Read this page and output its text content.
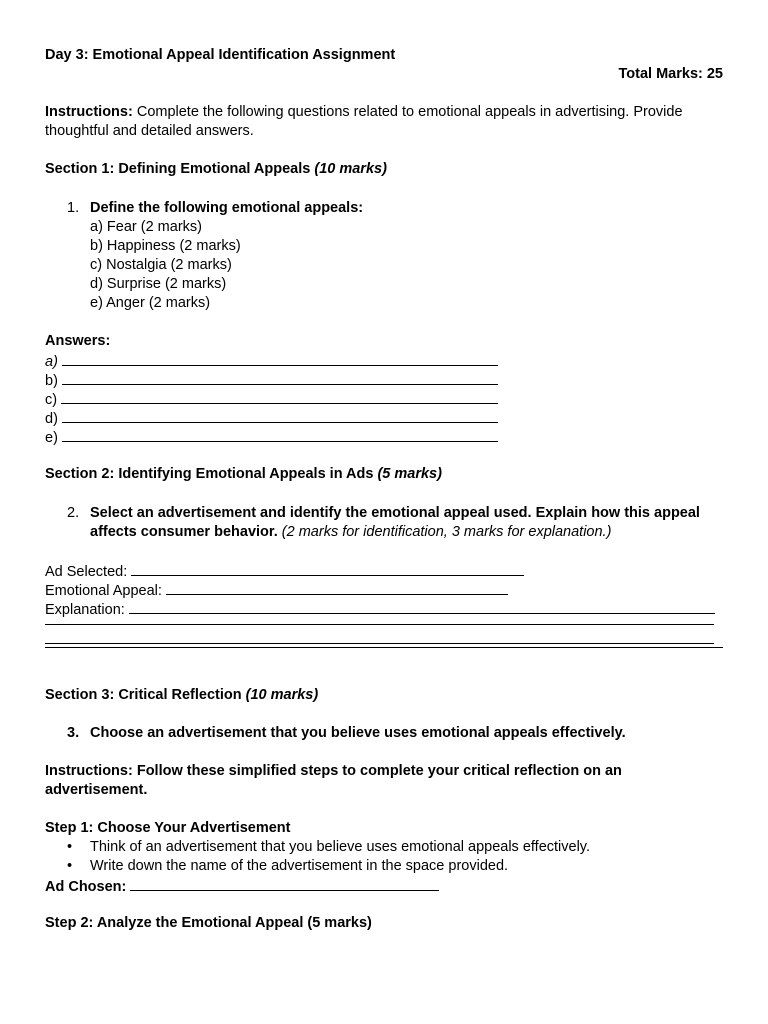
Day 3: Emotional Appeal Identification Assignment
Total Marks: 25

Instructions: Complete the following questions related to emotional appeals in advertising. Provide thoughtful and detailed answers.

Section 1: Defining Emotional Appeals (10 marks)

1. Define the following emotional appeals:
a) Fear (2 marks)
b) Happiness (2 marks)
c) Nostalgia (2 marks)
d) Surprise (2 marks)
e) Anger (2 marks)

Answers:

a)
b)
c)
d)
e)

Section 2: Identifying Emotional Appeals in Ads (5 marks)

2. Select an advertisement and identify the emotional appeal used. Explain how this appeal affects consumer behavior. (2 marks for identification, 3 marks for explanation.)
Ad Selected:
Emotional Appeal:
Explanation:

Section 3: Critical Reflection (10 marks)

3. Choose an advertisement that you believe uses emotional appeals effectively.

Instructions: Follow these simplified steps to complete your critical reflection on an advertisement.

Step 1: Choose Your Advertisement

•	Think of an advertisement that you believe uses emotional appeals effectively.
•	Write down the name of the advertisement in the space provided.
Ad Chosen:

Step 2: Analyze the Emotional Appeal (5 marks)
